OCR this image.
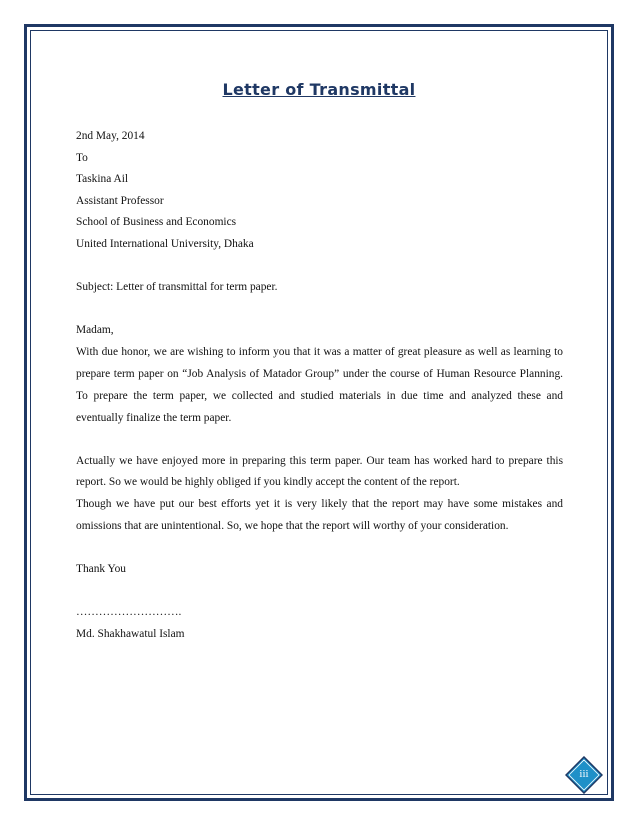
Letter of Transmittal
2nd May, 2014
To
Taskina Ail
Assistant Professor
School of Business and Economics
United International University, Dhaka
Subject: Letter of transmittal for term paper.
Madam,

With due honor, we are wishing to inform you that it was a matter of great pleasure as well as learning to prepare term paper on “Job Analysis of Matador Group” under the course of Human Resource Planning. To prepare the term paper, we collected and studied materials in due time and analyzed these and eventually finalize the term paper.

Actually we have enjoyed more in preparing this term paper. Our team has worked hard to prepare this report. So we would be highly obliged if you kindly accept the content of the report.

Though we have put our best efforts yet it is very likely that the report may have some mistakes and omissions that are unintentional. So, we hope that the report will worthy of your consideration.

Thank You
……………………….
Md. Shakhawatul Islam
iii
